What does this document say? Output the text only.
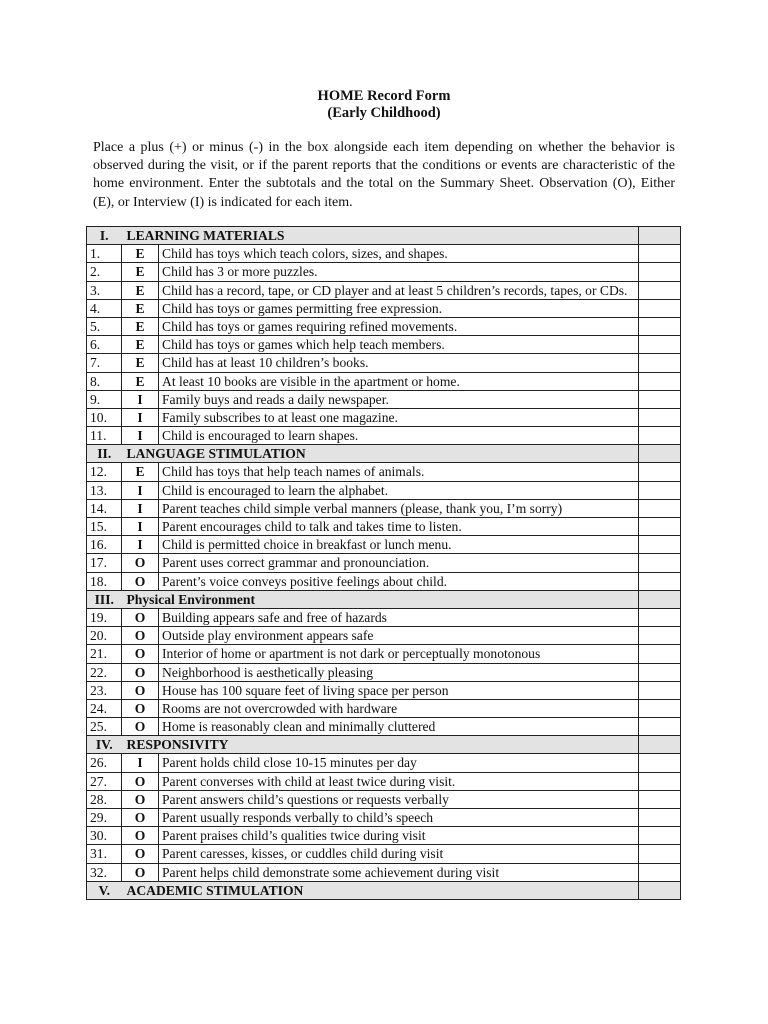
HOME Record Form
(Early Childhood)
Place a plus (+) or minus (-) in the box alongside each item depending on whether the behavior is observed during the visit, or if the parent reports that the conditions or events are characteristic of the home environment. Enter the subtotals and the total on the Summary Sheet. Observation (O), Either (E), or Interview (I) is indicated for each item.
I.	LEARNING MATERIALS		
1.	E	Child has toys which teach colors, sizes, and shapes.	
2.	E	Child has 3 or more puzzles.	
3.	E	Child has a record, tape, or CD player and at least 5 children’s records, tapes, or CDs.	
4.	E	Child has toys or games permitting free expression.	
5.	E	Child has toys or games requiring refined movements.	
6.	E	Child has toys or games which help teach members.	
7.	E	Child has at least 10 children’s books.	
8.	E	At least 10 books are visible in the apartment or home.	
9.	I	Family buys and reads a daily newspaper.	
10.	I	Family subscribes to at least one magazine.	
11.	I	Child is encouraged to learn shapes.	
II.	LANGUAGE STIMULATION		
12.	E	Child has toys that help teach names of animals.	
13.	I	Child is encouraged to learn the alphabet.	
14.	I	Parent teaches child simple verbal manners (please, thank you, I’m sorry)	
15.	I	Parent encourages child to talk and takes time to listen.	
16.	I	Child is permitted choice in breakfast or lunch menu.	
17.	O	Parent uses correct grammar and pronounciation.	
18.	O	Parent’s voice conveys positive feelings about child.	
III.	Physical Environment		
19.	O	Building appears safe and free of hazards	
20.	O	Outside play environment appears safe	
21.	O	Interior of home or apartment is not dark or perceptually monotonous	
22.	O	Neighborhood is aesthetically pleasing	
23.	O	House has 100 square feet of living space per person	
24.	O	Rooms are not overcrowded with hardware	
25.	O	Home is reasonably clean and minimally cluttered	
IV.	RESPONSIVITY		
26.	I	Parent holds child close 10-15 minutes per day	
27.	O	Parent converses with child at least twice during visit.	
28.	O	Parent answers child’s questions or requests verbally	
29.	O	Parent usually responds verbally to child’s speech	
30.	O	Parent praises child’s qualities twice during visit	
31.	O	Parent caresses, kisses, or cuddles child during visit	
32.	O	Parent helps child demonstrate some achievement during visit	
V.	ACADEMIC STIMULATION		
